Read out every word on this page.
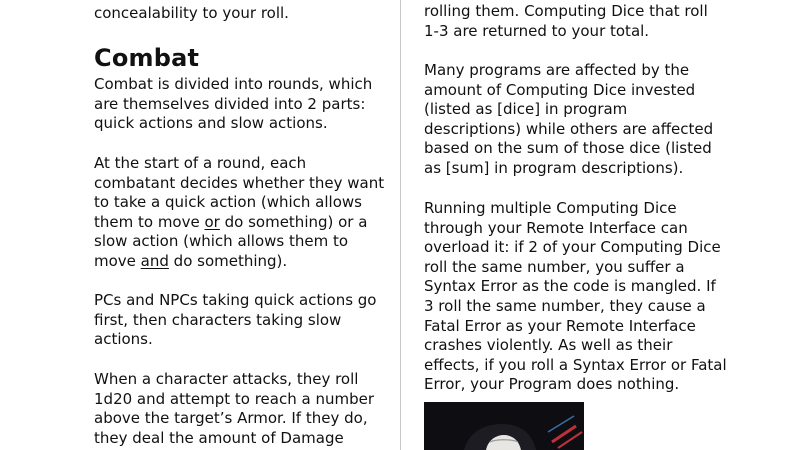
concealability to your roll.

Combat

Combat is divided into rounds, which
are themselves divided into 2 parts:
quick actions and slow actions.

At the start of a round, each
combatant decides whether they want
to take a quick action (which allows
them to move or do something) or a
slow action (which allows them to
move and do something).

PCs and NPCs taking quick actions go
first, then characters taking slow
actions.

When a character attacks, they roll
1d20 and attempt to reach a number
above the target’s Armor. If they do,
they deal the amount of Damage

rolling them. Computing Dice that roll
1-3 are returned to your total.

Many programs are affected by the
amount of Computing Dice invested
(listed as [dice] in program
descriptions) while others are affected
based on the sum of those dice (listed
as [sum] in program descriptions).

Running multiple Computing Dice
through your Remote Interface can
overload it: if 2 of your Computing Dice
roll the same number, you suffer a
Syntax Error as the code is mangled. If
3 roll the same number, they cause a
Fatal Error as your Remote Interface
crashes violently. As well as their
effects, if you roll a Syntax Error or Fatal
Error, your Program does nothing.
